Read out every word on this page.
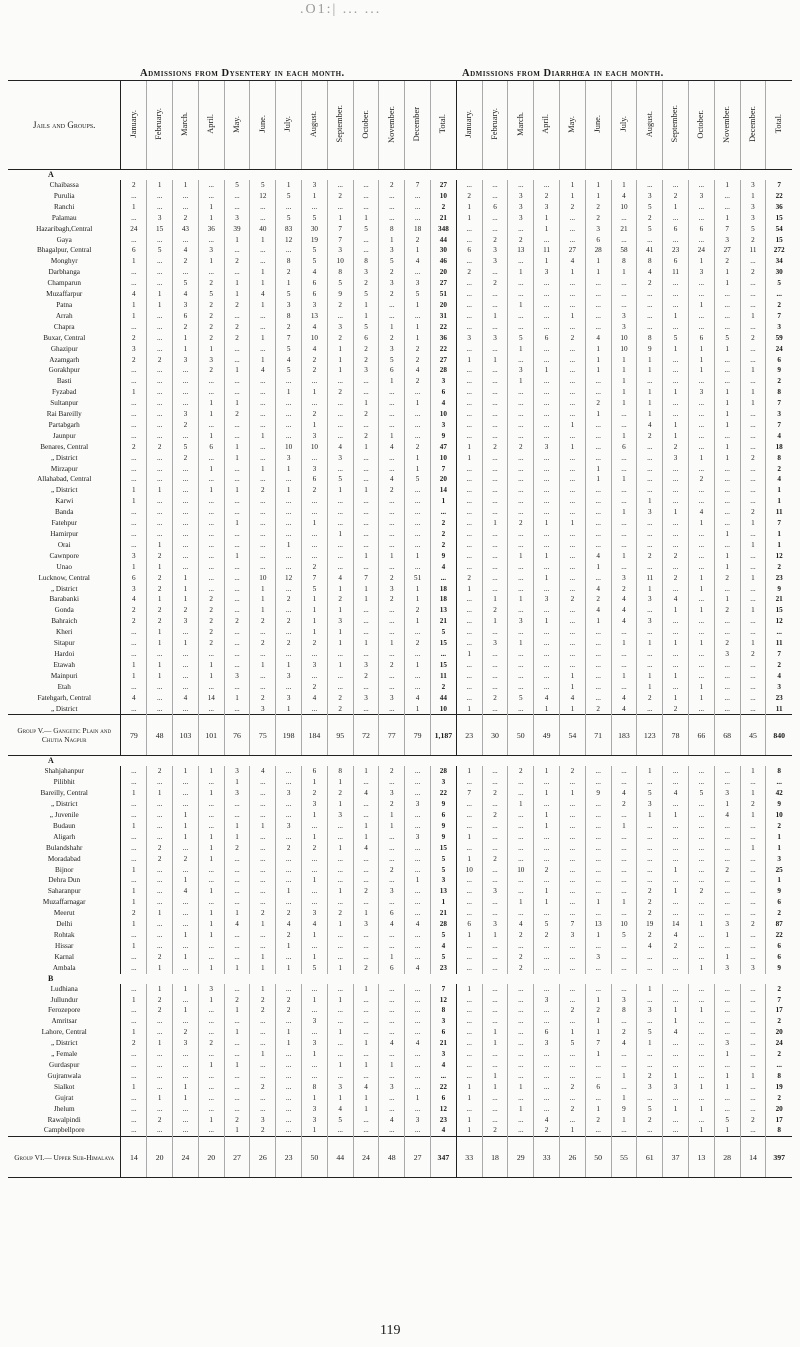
.O1:| ... ...
Admissions from Dysentery in each month.	Admissions from Diarrhœa in each month.
Jails and Groups.	January.	February.	March.	April.	May.	June.	July.	August.	September.	October.	November.	December	Total.	January.	February.	March.	April.	May.	June.	July.	August.	September.	October.	November.	December.	Total.
A																										
Chaibassa	2	1	1	...	5	5	1	3	...	...	2	7	27	...	...	...	...	1	1	1	...	...	...	1	3	7
Purulia	...	...	...	...	...	12	5	1	2	...	...	...	10	2	...	3	2	1	1	4	3	2	3	...	1	22
Ranchi	1	...	...	1	...	...	...	...	...	...	...	...	2	1	6	3	3	2	2	10	5	1	...	...	3	36
Palamau	...	3	2	1	3	...	5	5	1	1	...	...	21	1	...	3	1	...	2	...	2	...	...	1	3	15
Hazaribagh,Central	24	15	43	36	39	40	83	30	7	5	8	18	348	...	...	...	1	...	3	21	5	6	6	7	5	54
Gaya	...	...	...	...	1	1	12	19	7	...	1	2	44	...	2	2	...	...	6	...	...	...	...	3	2	15
Bhagalpur, Central	6	5	4	3	...	...	...	5	3	...	3	1	30	6	3	13	11	27	28	58	41	23	24	27	11	272
Monghyr	1	...	2	1	2	...	8	5	10	8	5	4	46	...	3	...	1	4	1	8	8	6	1	2	...	34
Darbhanga	...	...	...	...	...	1	2	4	8	3	2	...	20	2	...	1	3	1	1	1	4	11	3	1	2	30
Champarun	...	...	5	2	1	1	1	6	5	2	3	3	27	...	2	...	...	...	...	...	2	...	...	1	...	5
Muzaffarpur	4	1	4	5	1	4	5	6	9	5	2	5	51	...	...	...	...	...	...	...	...	...	...	...	...	...
Patna	1	1	3	2	2	1	3	3	2	1	...	1	20	...	...	1	...	...	...	...	...	...	1	...	...	2
Arrah	1	...	6	2	...	...	8	13	...	1	...	...	31	...	1	...	...	1	...	3	...	1	...	...	1	7
Chapra	...	...	2	2	2	...	2	4	3	5	1	1	22	...	...	...	...	...	...	3	...	...	...	...	...	3
Buxar, Central	2	...	1	2	2	1	7	10	2	6	2	1	36	3	3	5	6	2	4	10	8	5	6	5	2	59
Ghazipur	3	...	1	1	...	...	5	4	1	2	3	2	22	...	...	1	...	...	1	10	9	1	1	1	...	24
Azamgarh	2	2	3	3	...	1	4	2	1	2	5	2	27	1	1	...	...	...	1	1	1	...	1	...	...	6
Gorakhpur	...	...	...	2	1	4	5	2	1	3	6	4	28	...	...	3	1	...	1	1	1	...	1	...	1	9
Basti	...	...	...	...	...	...	...	...	...	...	1	2	3	...	...	1	...	...	...	1	...	...	...	...	...	2
Fyzabad	1	...	...	...	...	...	1	1	2	...	...	...	6	...	...	...	...	...	...	1	1	1	3	1	1	8
Sultanpur	...	...	...	1	1	...	...	...	...	1	...	1	4	...	...	...	...	...	2	1	1	...	...	1	1	7
Rai Bareilly	...	...	3	1	2	...	...	2	...	2	...	...	10	...	...	...	...	...	1	...	1	...	...	1	...	3
Partabgarh	...	...	2	...	...	...	...	1	...	...	...	...	3	...	...	...	...	1	...	...	4	1	...	1	...	7
Jaunpur	...	...	...	1	...	1	...	3	...	2	1	...	9	...	...	...	...	...	...	1	2	1	...	...	...	4
Benares, Central	2	2	5	6	1	...	10	10	4	1	4	2	47	1	2	2	3	1	...	6	...	2	...	1	...	18
„ District	...	...	2	...	1	...	3	...	3	...	...	1	10	1	...	...	...	...	...	...	...	3	1	1	2	8
Mirzapur	...	...	...	1	...	1	1	3	...	...	...	1	7	...	...	...	...	...	1	...	...	...	...	...	...	2
Allahabad, Central	...	...	...	...	...	...	...	6	5	...	4	5	20	...	...	...	...	...	1	1	...	...	2	...	...	4
„ District	1	1	...	1	1	2	1	2	1	1	2	...	14	...	...	...	...	...	...	...	...	...	...	...	...	1
Karwi	1	...	...	...	...	...	...	...	...	...	...	...	1	...	...	...	...	...	...	...	1	...	...	...	...	1
Banda	...	...	...	...	...	...	...	...	...	...	...	...	...	...	...	...	...	...	...	1	3	1	4	...	2	11
Fatehpur	...	...	...	...	1	...	...	1	...	...	...	...	2	...	1	2	1	1	...	...	...	...	1	...	1	7
Hamirpur	...	...	...	...	...	...	...	...	1	...	...	...	2	...	...	...	...	...	...	...	...	...	...	1	...	1
Orai	...	1	...	...	...	...	1	...	...	...	...	...	2	...	...	...	...	...	...	...	...	...	...	...	1	1
Cawnpore	3	2	...	...	1	...	...	...	...	1	1	1	9	...	...	1	1	...	4	1	2	2	...	1	...	12
Unao	1	1	...	...	...	...	...	2	...	...	...	...	4	...	...	...	...	...	1	...	...	...	...	1	...	2
Lucknow, Central	6	2	1	...	...	10	12	7	4	7	2	51	...	2	...	...	1	...	...	3	11	2	1	2	1	23
„ District	3	2	1	...	...	1	...	5	1	1	3	1	18	1	...	...	...	...	4	2	1	...	1	...	...	9
Barabanki	4	1	1	2	...	1	2	1	2	1	2	1	18	...	1	1	3	2	2	4	3	4	...	1	...	21
Gonda	2	2	2	2	...	1	...	1	1	...	...	2	13	...	2	...	...	...	4	4	...	1	1	2	1	15
Bahraich	2	2	3	2	2	2	2	1	3	...	...	1	21	...	1	3	1	...	1	4	3	...	...	...	...	12
Kheri	...	1	...	2	...	...	...	1	1	...	...	...	5	...	...	...	...	...	...	...	...	...	...	...	...	...
Sitapur	...	1	1	2	...	2	2	2	1	1	1	2	15	...	3	1	...	...	...	1	1	1	1	2	1	11
Hardoi	...	...	...	...	...	...	...	...	...	...	...	...	...	1	...	...	...	...	...	...	...	...	...	3	2	7
Etawah	1	1	...	1	...	1	1	3	1	3	2	1	15	...	...	...	...	...	...	...	...	...	...	...	...	2
Mainpuri	1	1	...	1	3	...	3	...	...	2	...	...	11	...	...	...	...	1	...	1	1	1	...	...	...	4
Etah	...	...	...	...	...	...	...	2	...	...	...	...	2	...	...	...	...	1	...	...	1	...	1	...	...	3
Fatehgarh, Central	4	...	4	14	1	2	3	4	2	3	3	4	44	...	2	5	4	4	...	4	2	1	1	...	...	23
„ District	...	...	...	...	...	3	1	...	2	...	...	1	10	1	...	...	1	1	2	4	...	2	...	...	...	11
Group V.— Gangetic Plain and Chutia Nagpur	79	48	103	101	76	75	198	184	95	72	77	79	1,187	23	30	50	49	54	71	183	123	78	66	68	45	840
A																										
Shahjahanpur	...	2	1	1	3	4	...	6	8	1	2	...	28	1	...	2	1	2	...	...	1	...	...	...	1	8
Pilibhit	...	...	...	...	1	...	...	1	1	...	...	...	3	...	...	...	...	...	...	...	...	...	...	...	...	...
Bareilly, Central	1	1	...	1	3	...	3	2	2	4	3	...	22	7	2	...	1	1	9	4	5	4	5	3	1	42
„ District	...	...	...	...	...	...	...	3	1	...	2	3	9	...	...	1	...	...	...	2	3	...	...	1	2	9
„ Juvenile	...	...	1	...	...	...	...	1	3	...	1	...	6	...	2	...	1	...	...	...	1	1	...	4	1	10
Budaun	1	...	1	...	1	1	3	...	...	1	1	...	9	...	...	...	1	...	...	1	...	...	...	...	...	2
Aligarh	...	...	1	1	1	...	...	1	...	1	...	3	9	1	...	...	...	...	...	...	...	...	...	...	...	1
Bulandshahr	...	2	...	1	2	...	2	2	1	4	...	...	15	...	...	...	...	...	...	...	...	...	...	...	1	1
Moradabad	...	2	2	1	...	...	...	...	...	...	...	...	5	1	2	...	...	...	...	...	...	...	...	...	...	3
Bijnor	1	...	...	...	...	...	...	...	...	...	2	...	5	10	...	10	2	...	...	...	...	1	...	2	...	25
Dehra Dun	...	...	1	...	...	...	...	1	...	...	...	1	3	...	...	...	...	...	...	...	...	...	...	...	...	1
Saharanpur	1	...	4	1	...	...	1	...	1	2	3	...	13	...	3	...	1	...	...	...	2	1	2	...	...	9
Muzaffarnagar	1	...	...	...	...	...	...	...	...	...	...	...	1	...	...	1	1	...	1	1	2	...	...	...	...	6
Meerut	2	1	...	1	1	2	2	3	2	1	6	...	21	...	...	...	...	...	...	...	2	...	...	...	...	2
Delhi	1	...	...	1	4	1	4	4	1	3	4	4	28	6	3	4	5	7	13	10	19	14	1	3	2	87
Rohtak	...	...	1	1	...	...	2	1	...	...	...	...	5	1	1	2	2	3	1	5	2	4	...	1	...	22
Hissar	1	...	...	...	...	...	1	...	...	...	...	...	4	...	...	...	...	...	...	...	4	2	...	...	...	6
Karnal	...	2	1	...	...	1	...	1	...	...	1	...	5	...	...	2	...	...	3	...	...	...	...	1	...	6
Ambala	...	1	...	1	1	1	1	5	1	2	6	4	23	...	...	2	...	...	...	...	...	...	1	3	3	9
B																										
Ludhiana	...	1	1	3	...	1	...	...	...	1	...	...	7	1	...	...	...	...	...	...	1	...	...	...	...	2
Jullundur	1	2	...	1	2	2	2	1	1	...	...	...	12	...	...	...	3	...	1	3	...	...	...	...	...	7
Ferozepore	...	2	1	...	1	2	2	...	...	...	...	...	8	...	...	...	...	2	2	8	3	1	1	...	...	17
Amritsar	...	...	...	...	...	...	...	3	...	...	...	...	3	...	...	...	...	...	1	...	...	1	...	...	...	2
Lahore, Central	1	...	2	...	1	...	1	...	1	...	...	...	6	...	1	...	6	1	1	2	5	4	...	...	...	20
„ District	2	1	3	2	...	...	1	3	...	1	4	4	21	...	1	...	3	5	7	4	1	...	...	3	...	24
„ Female	...	...	...	...	...	1	...	1	...	...	...	...	3	...	...	...	...	...	1	...	...	...	...	1	...	2
Gurdaspur	...	...	...	1	1	...	...	...	1	1	1	...	4	...	...	...	...	...	...	...	...	...	...	...	...	...
Gujranwala	...	...	...	...	...	...	...	...	...	...	...	...	...	...	1	...	...	...	...	1	2	1	...	1	1	8
Sialkot	1	...	1	...	...	2	...	8	3	4	3	...	22	1	1	1	...	2	6	...	3	3	1	1	...	19
Gujrat	...	1	1	...	...	...	...	1	1	1	...	1	6	1	...	...	...	...	...	1	...	...	...	...	...	2
Jhelum	...	...	...	...	...	...	...	3	4	1	...	...	12	...	...	1	...	2	1	9	5	1	1	...	...	20
Rawalpindi	...	2	...	1	2	3	...	3	5	...	4	3	23	1	...	...	4	...	2	1	2	...	...	5	2	17
Campbellpore	...	...	...	...	1	2	...	1	...	...	...	...	4	1	2	...	2	1	...	...	...	...	1	1	...	8
Group VI.— Upper Sub-Himalaya	14	20	24	20	27	26	23	50	44	24	48	27	347	33	18	29	33	26	50	55	61	37	13	28	14	397
119
